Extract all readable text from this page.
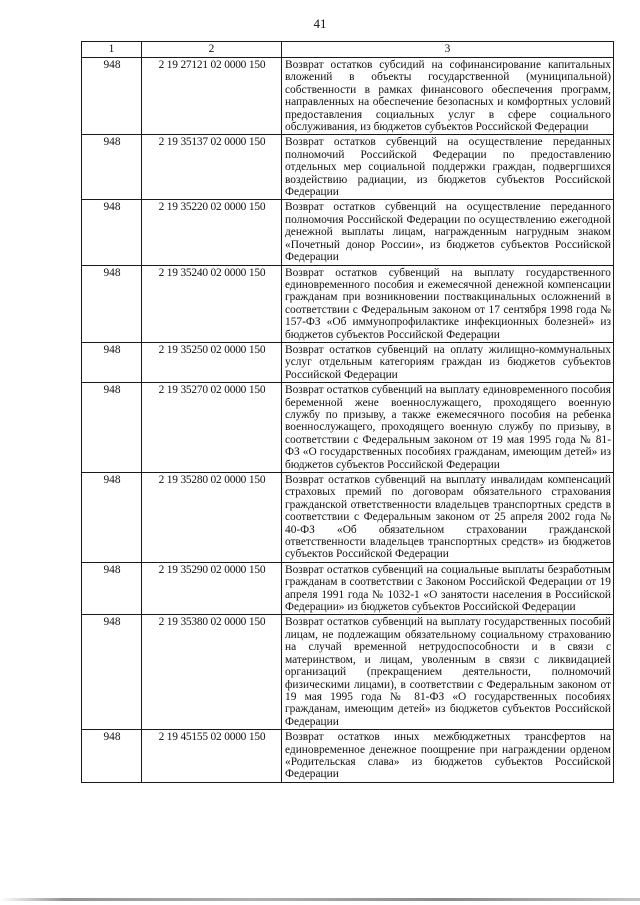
41
1	2	3
948	2 19 27121 02 0000 150	Возврат остатков субсидий на софинансирование капитальных вложений в объекты государственной (муниципальной) собственности в рамках финансового обеспечения программ, направленных на обеспечение безопасных и комфортных условий предоставления социальных услуг в сфере социального обслуживания, из бюджетов субъектов Российской Федерации
948	2 19 35137 02 0000 150	Возврат остатков субвенций на осуществление переданных полномочий Российской Федерации по предоставлению отдельных мер социальной поддержки граждан, подвергшихся воздействию радиации, из бюджетов субъектов Российской Федерации
948	2 19 35220 02 0000 150	Возврат остатков субвенций на осуществление переданного полномочия Российской Федерации по осуществлению ежегодной денежной выплаты лицам, награжденным нагрудным знаком «Почетный донор России», из бюджетов субъектов Российской Федерации
948	2 19 35240 02 0000 150	Возврат остатков субвенций на выплату государственного единовременного пособия и ежемесячной денежной компенсации гражданам при возникновении поствакцинальных осложнений в соответствии с Федеральным законом от 17 сентября 1998 года № 157-ФЗ «Об иммунопрофилактике инфекционных болезней» из бюджетов субъектов Российской Федерации
948	2 19 35250 02 0000 150	Возврат остатков субвенций на оплату жилищно-коммунальных услуг отдельным категориям граждан из бюджетов субъектов Российской Федерации
948	2 19 35270 02 0000 150	Возврат остатков субвенций на выплату единовременного пособия беременной жене военнослужащего, проходящего военную службу по призыву, а также ежемесячного пособия на ребенка военнослужащего, проходящего военную службу по призыву, в соответствии с Федеральным законом от 19 мая 1995 года № 81-ФЗ «О государственных пособиях гражданам, имеющим детей» из бюджетов субъектов Российской Федерации
948	2 19 35280 02 0000 150	Возврат остатков субвенций на выплату инвалидам компенсаций страховых премий по договорам обязательного страхования гражданской ответственности владельцев транспортных средств в соответствии с Федеральным законом от 25 апреля 2002 года № 40-ФЗ «Об обязательном страховании гражданской ответственности владельцев транспортных средств» из бюджетов субъектов Российской Федерации
948	2 19 35290 02 0000 150	Возврат остатков субвенций на социальные выплаты безработным гражданам в соответствии с Законом Российской Федерации от 19 апреля 1991 года № 1032-1 «О занятости населения в Российской Федерации» из бюджетов субъектов Российской Федерации
948	2 19 35380 02 0000 150	Возврат остатков субвенций на выплату государственных пособий лицам, не подлежащим обязательному социальному страхованию на случай временной нетрудоспособности и в связи с материнством, и лицам, уволенным в связи с ликвидацией организаций (прекращением деятельности, полномочий физическими лицами), в соответствии с Федеральным законом от 19 мая 1995 года № 81-ФЗ «О государственных пособиях гражданам, имеющим детей» из бюджетов субъектов Российской Федерации
948	2 19 45155 02 0000 150	Возврат остатков иных межбюджетных трансфертов на единовременное денежное поощрение при награждении орденом «Родительская слава» из бюджетов субъектов Российской Федерации
